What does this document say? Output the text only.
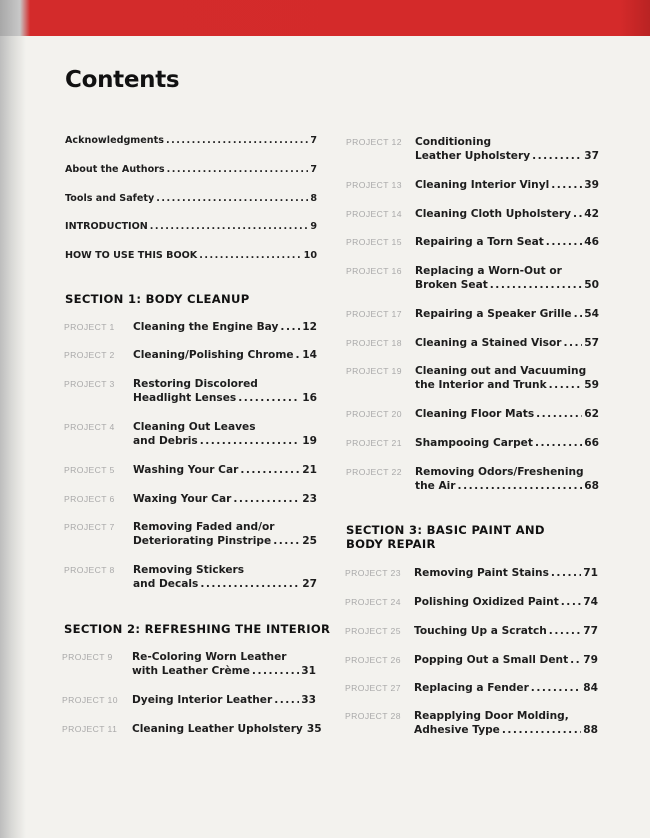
Contents
Acknowledgments .....	7
About the Authors .....	7
Tools and Safety .....	8
INTRODUCTION .....	9
HOW TO USE THIS BOOK .....	10
SECTION 1: BODY CLEANUP
PROJECT 1 Cleaning the Engine Bay ..... 12
PROJECT 2 Cleaning/Polishing Chrome ..... 14
PROJECT 3 Restoring Discolored
Headlight Lenses .....	16
PROJECT 4 Cleaning Out Leaves
and Debris .....	19
PROJECT 5 Washing Your Car .....	21
PROJECT 6 Waxing Your Car .....	23
PROJECT 7 Removing Faded and/or
Deteriorating Pinstripe .....	25
PROJECT 8 Removing Stickers
and Decals .....	27
SECTION 2: REFRESHING THE INTERIOR
PROJECT 9 Re-Coloring Worn Leather
with Leather Crème .....	31
PROJECT 10 Dyeing Interior Leather .....	33
PROJECT 11 Cleaning Leather Upholstery 35
PROJECT 12 Conditioning
Leather Upholstery .....	37
PROJECT 13 Cleaning Interior Vinyl .....	39
PROJECT 14 Cleaning Cloth Upholstery ..... 42
PROJECT 15 Repairing a Torn Seat .....	46
PROJECT 16 Replacing a Worn-Out or
Broken Seat .....	50
PROJECT 17 Repairing a Speaker Grille ..... 54
PROJECT 18 Cleaning a Stained Visor ..... 57
PROJECT 19 Cleaning out and Vacuuming
the Interior and Trunk .....	59
PROJECT 20 Cleaning Floor Mats .....	62
PROJECT 21 Shampooing Carpet .....	66
PROJECT 22 Removing Odors/Freshening
the Air .....	68
SECTION 3: BASIC PAINT AND
BODY REPAIR
PROJECT 23 Removing Paint Stains .....	71
PROJECT 24 Polishing Oxidized Paint ..... 74
PROJECT 25 Touching Up a Scratch .....	77
PROJECT 26 Popping Out a Small Dent ..... 79
PROJECT 27 Replacing a Fender .....	84
PROJECT 28 Reapplying Door Molding,
Adhesive Type .....	88
